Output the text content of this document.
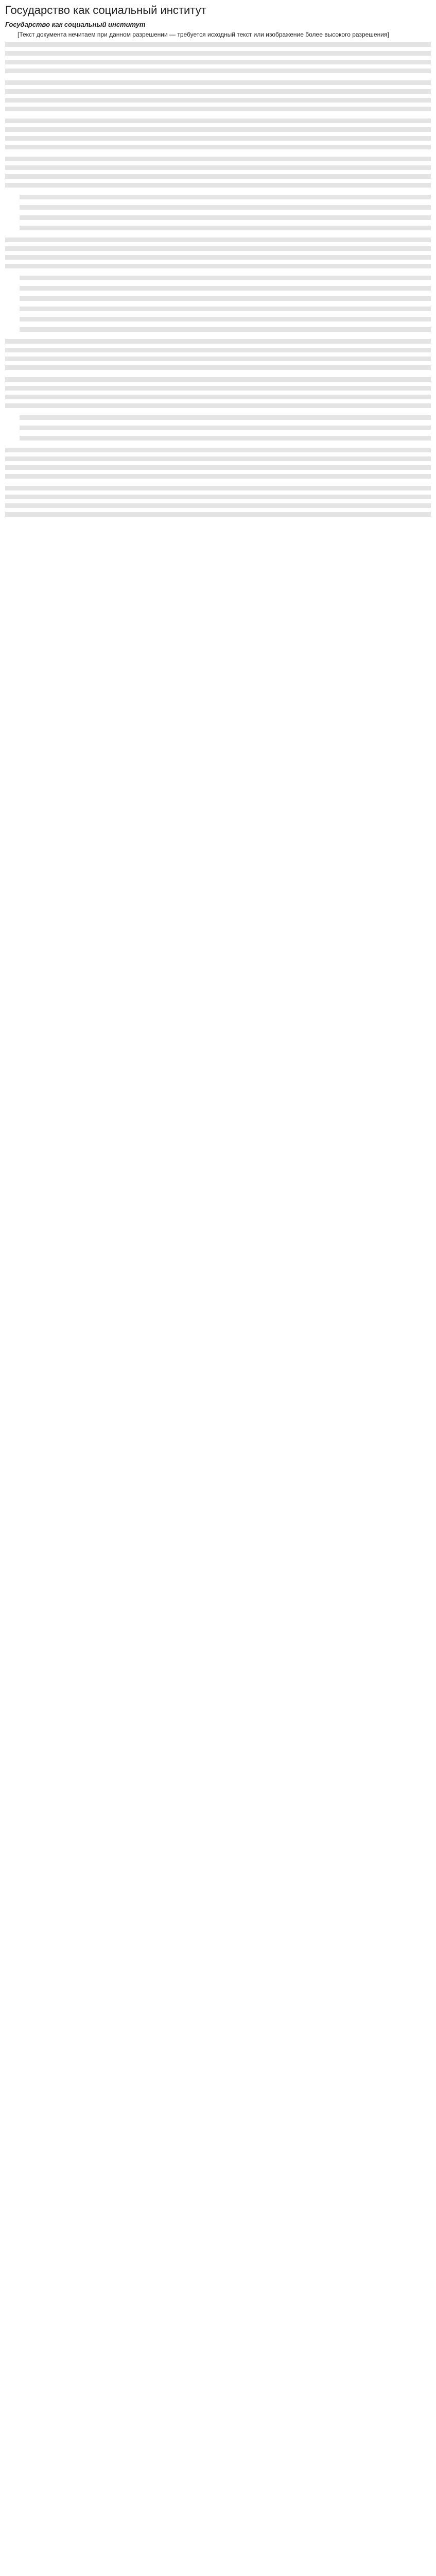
Государство как социальный институт
Государство как социальный институт

[Текст документа нечитаем при данном разрешении — требуется исходный текст или изображение более высокого разрешения]
